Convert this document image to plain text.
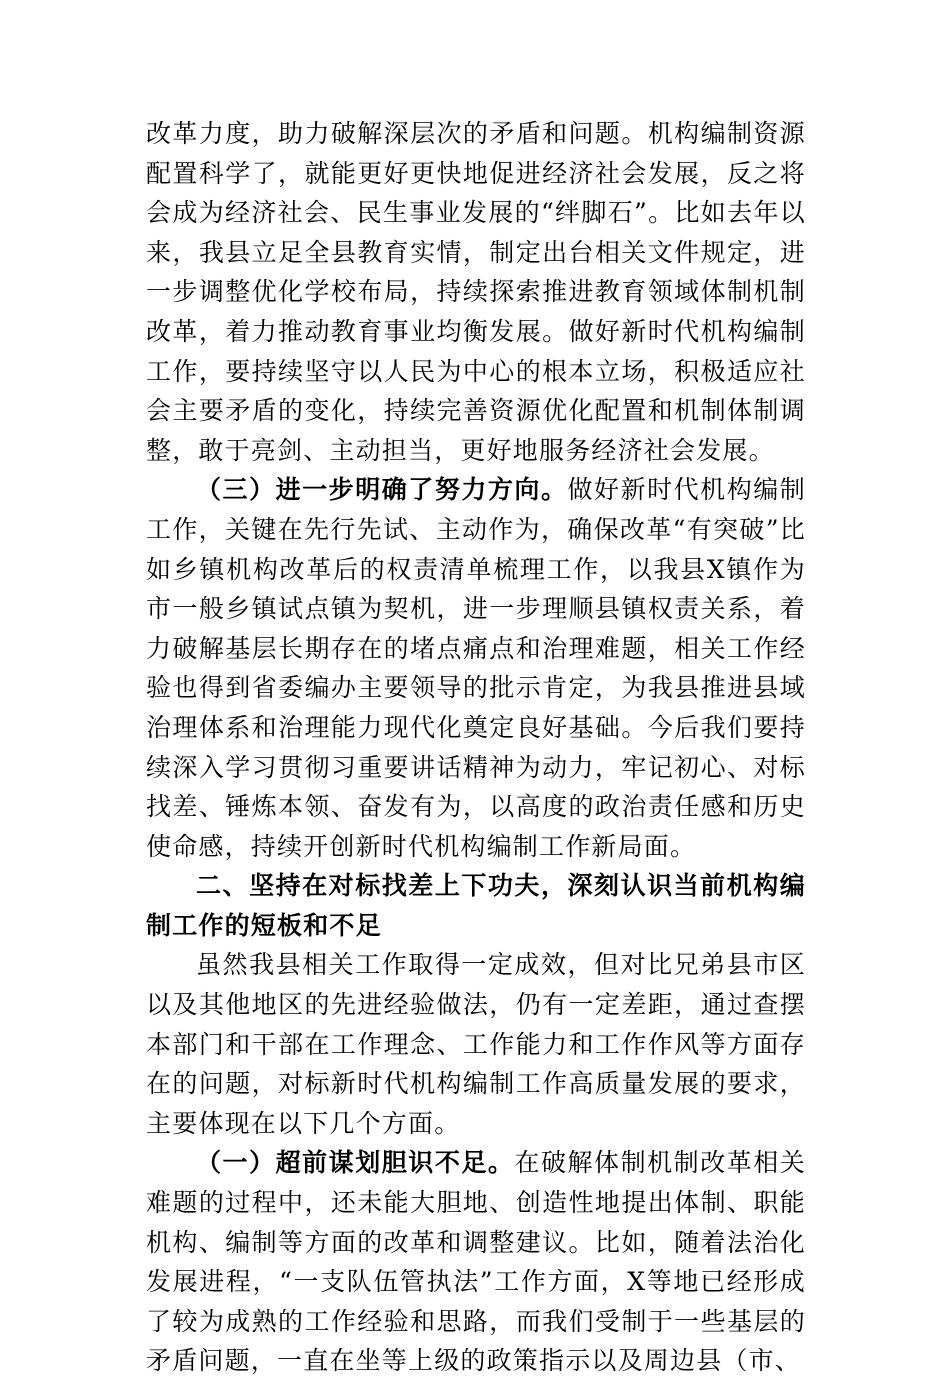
改革力度，助力破解深层次的矛盾和问题。机构编制资源配置科学了，就能更好更快地促进经济社会发展，反之将会成为经济社会、民生事业发展的“绊脚石”。比如去年以来，我县立足全县教育实情，制定出台相关文件规定，进一步调整优化学校布局，持续探索推进教育领域体制机制改革，着力推动教育事业均衡发展。做好新时代机构编制工作，要持续坚守以人民为中心的根本立场，积极适应社会主要矛盾的变化，持续完善资源优化配置和机制体制调整，敢于亮剑、主动担当，更好地服务经济社会发展。

（三）进一步明确了努力方向。做好新时代机构编制工作，关键在先行先试、主动作为，确保改革“有突破”比如乡镇机构改革后的权责清单梳理工作，以我县X镇作为市一般乡镇试点镇为契机，进一步理顺县镇权责关系，着力破解基层长期存在的堵点痛点和治理难题，相关工作经验也得到省委编办主要领导的批示肯定，为我县推进县域治理体系和治理能力现代化奠定良好基础。今后我们要持续深入学习贯彻习重要讲话精神为动力，牢记初心、对标找差、锤炼本领、奋发有为，以高度的政治责任感和历史使命感，持续开创新时代机构编制工作新局面。

二、坚持在对标找差上下功夫，深刻认识当前机构编制工作的短板和不足

虽然我县相关工作取得一定成效，但对比兄弟县市区以及其他地区的先进经验做法，仍有一定差距，通过查摆本部门和干部在工作理念、工作能力和工作作风等方面存在的问题，对标新时代机构编制工作高质量发展的要求，主要体现在以下几个方面。

（一）超前谋划胆识不足。在破解体制机制改革相关难题的过程中，还未能大胆地、创造性地提出体制、职能机构、编制等方面的改革和调整建议。比如，随着法治化发展进程，“一支队伍管执法”工作方面，X等地已经形成了较为成熟的工作经验和思路，而我们受制于一些基层的矛盾问题，一直在坐等上级的政策指示以及周边县（市、
